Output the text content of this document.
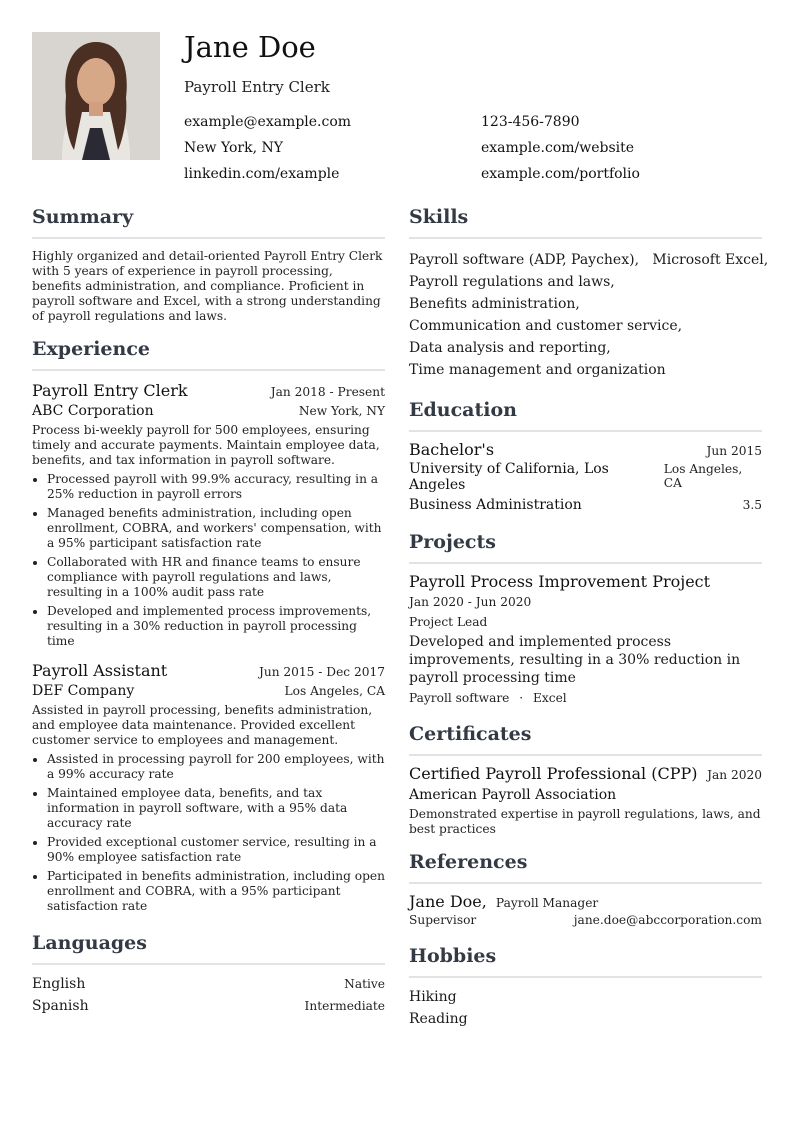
Jane Doe
Payroll Entry Clerk
example@example.com	123-456-7890
New York, NY	example.com/website
linkedin.com/example	example.com/portfolio
Summary
Highly organized and detail-oriented Payroll Entry Clerk with 5 years of experience in payroll processing, benefits administration, and compliance. Proficient in payroll software and Excel, with a strong understanding of payroll regulations and laws.
Experience
Payroll Entry Clerk	Jan 2018 - Present
ABC Corporation	New York, NY
Process bi-weekly payroll for 500 employees, ensuring timely and accurate payments. Maintain employee data, benefits, and tax information in payroll software.
• Processed payroll with 99.9% accuracy, resulting in a 25% reduction in payroll errors
• Managed benefits administration, including open enrollment, COBRA, and workers' compensation, with a 95% participant satisfaction rate
• Collaborated with HR and finance teams to ensure compliance with payroll regulations and laws, resulting in a 100% audit pass rate
• Developed and implemented process improvements, resulting in a 30% reduction in payroll processing time
Payroll Assistant	Jun 2015 - Dec 2017
DEF Company	Los Angeles, CA
Assisted in payroll processing, benefits administration, and employee data maintenance. Provided excellent customer service to employees and management.
• Assisted in processing payroll for 200 employees, with a 99% accuracy rate
• Maintained employee data, benefits, and tax information in payroll software, with a 95% data accuracy rate
• Provided exceptional customer service, resulting in a 90% employee satisfaction rate
• Participated in benefits administration, including open enrollment and COBRA, with a 95% participant satisfaction rate
Languages
English	Native
Spanish	Intermediate
Skills
Payroll software (ADP, Paychex),   Microsoft Excel,
Payroll regulations and laws,
Benefits administration,
Communication and customer service,
Data analysis and reporting,
Time management and organization
Education
Bachelor's	Jun 2015
University of California, Los Angeles
Los Angeles, CA
Business Administration	3.5
Projects
Payroll Process Improvement Project
Jan 2020 - Jun 2020
Project Lead
Developed and implemented process improvements, resulting in a 30% reduction in payroll processing time
Payroll software · Excel
Certificates
Certified Payroll Professional (CPP) Jan 2020
American Payroll Association
Demonstrated expertise in payroll regulations, laws, and best practices
References
Jane Doe, Payroll Manager
Supervisor	jane.doe@abccorporation.com
Hobbies
Hiking
Reading
